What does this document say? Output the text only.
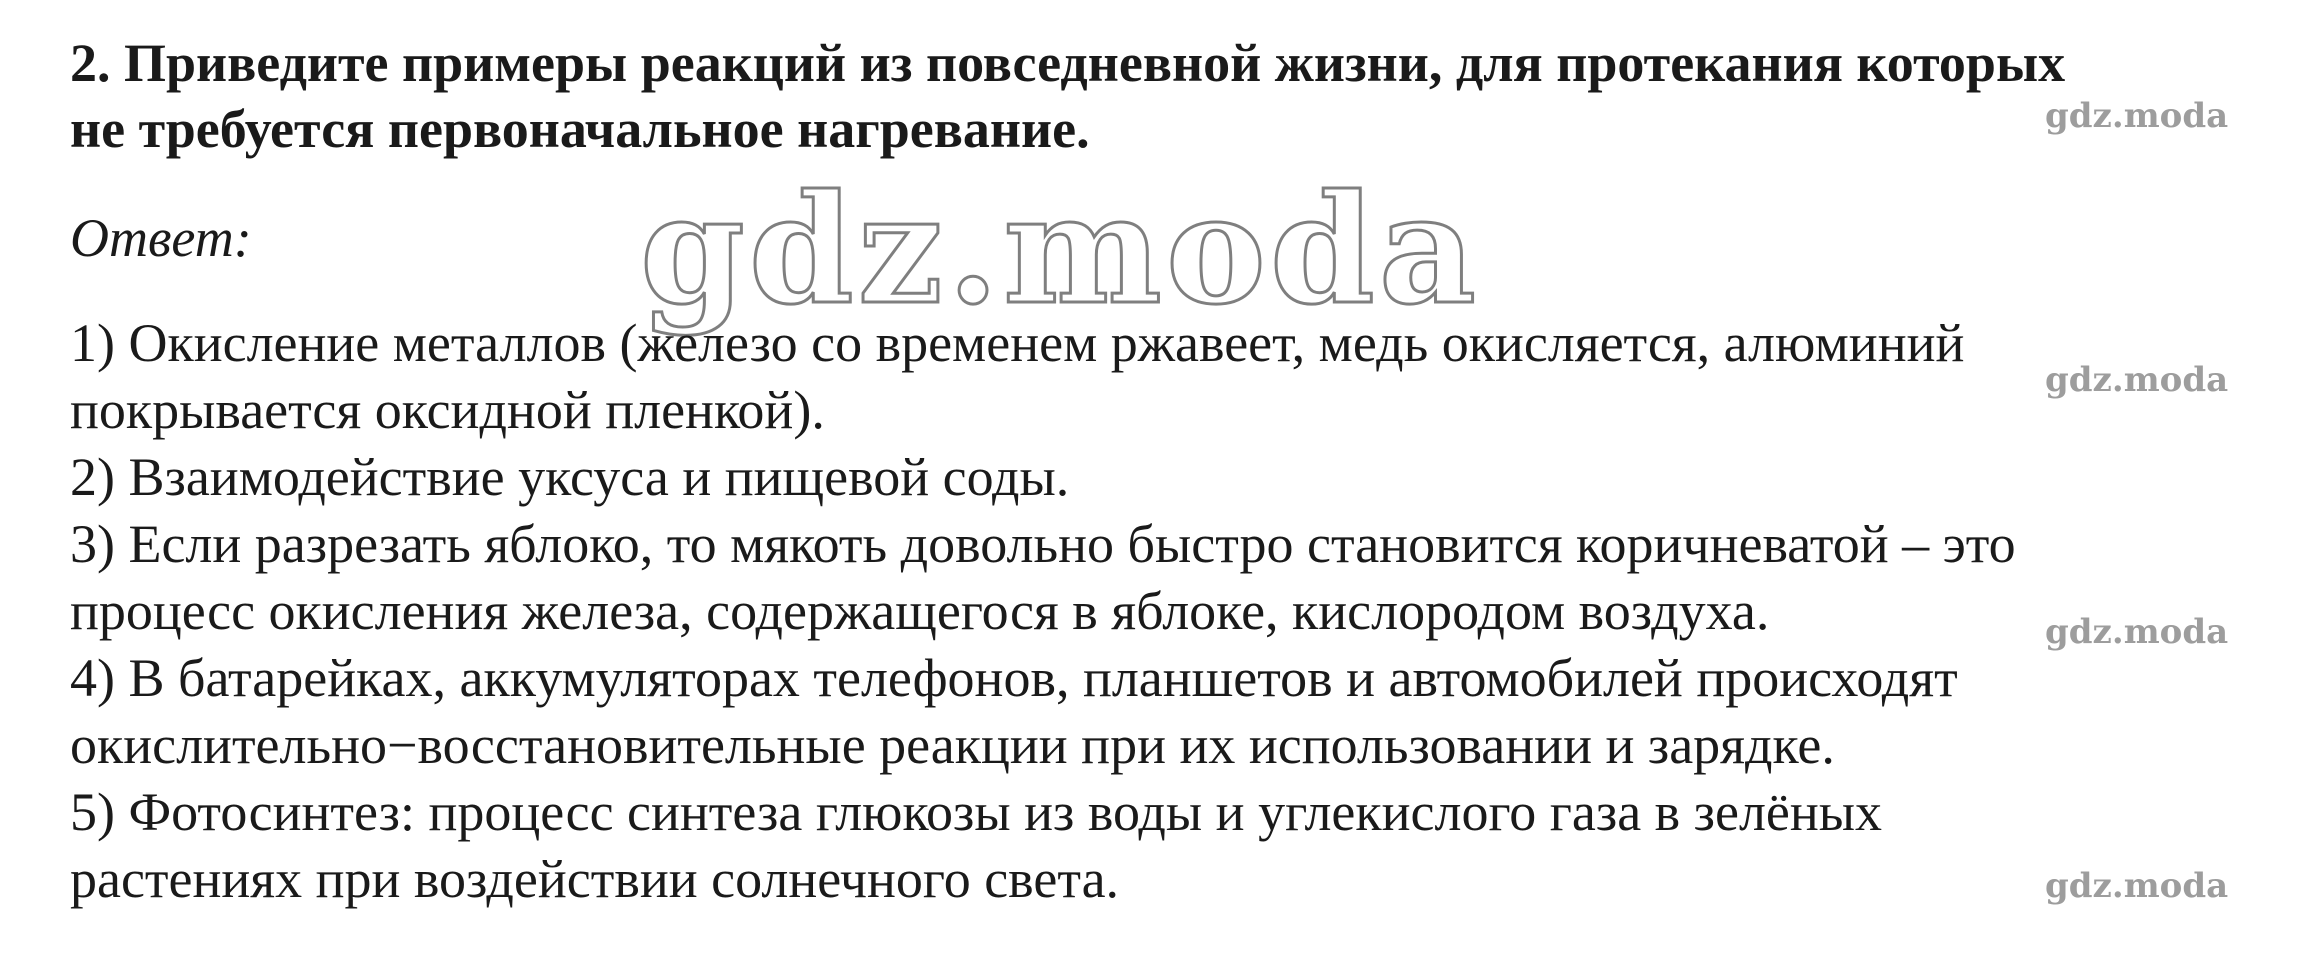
2. Приведите примеры реакций из повседневной жизни, для протекания которых
не требуется первоначальное нагревание.
gdz.moda
Ответ:
1) Окисление металлов (железо со временем ржавеет, медь окисляется, алюминий
покрывается оксидной пленкой).
2) Взаимодействие уксуса и пищевой соды.
3) Если разрезать яблоко, то мякоть довольно быстро становится коричневатой – это
процесс окисления железа, содержащегося в яблоке, кислородом воздуха.
4) В батарейках, аккумуляторах телефонов, планшетов и автомобилей происходят
окислительно−восстановительные реакции при их использовании и зарядке.
5) Фотосинтез: процесс синтеза глюкозы из воды и углекислого газа в зелёных
растениях при воздействии солнечного света.
gdz.moda
gdz.moda
gdz.moda
gdz.moda
